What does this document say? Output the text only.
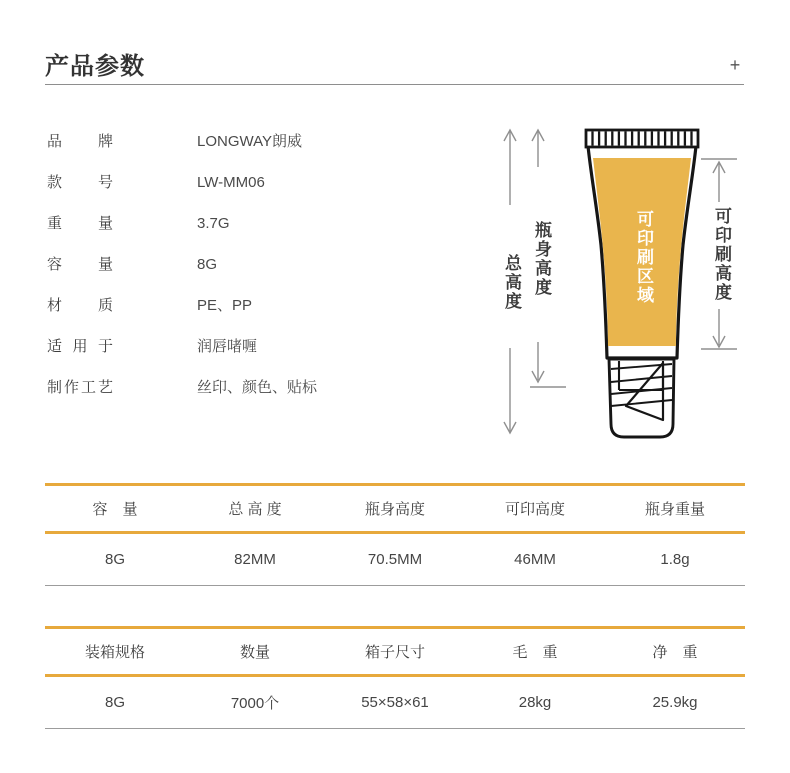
产品参数	+
品牌	LONGWAY朗威
款号	LW-MM06
重量	3.7G
容量	8G
材质	PE、PP
适用于	润唇啫喱
制作工艺	丝印、颜色、贴标
总高度 瓶身高度	可印刷区域	可印刷高度
容　量	总 高 度	瓶身高度	可印高度	瓶身重量
8G	82MM	70.5MM	46MM	1.8g
装箱规格	数量	箱子尺寸	毛　重	净　重
8G	7000个	55×58×61	28kg	25.9kg
